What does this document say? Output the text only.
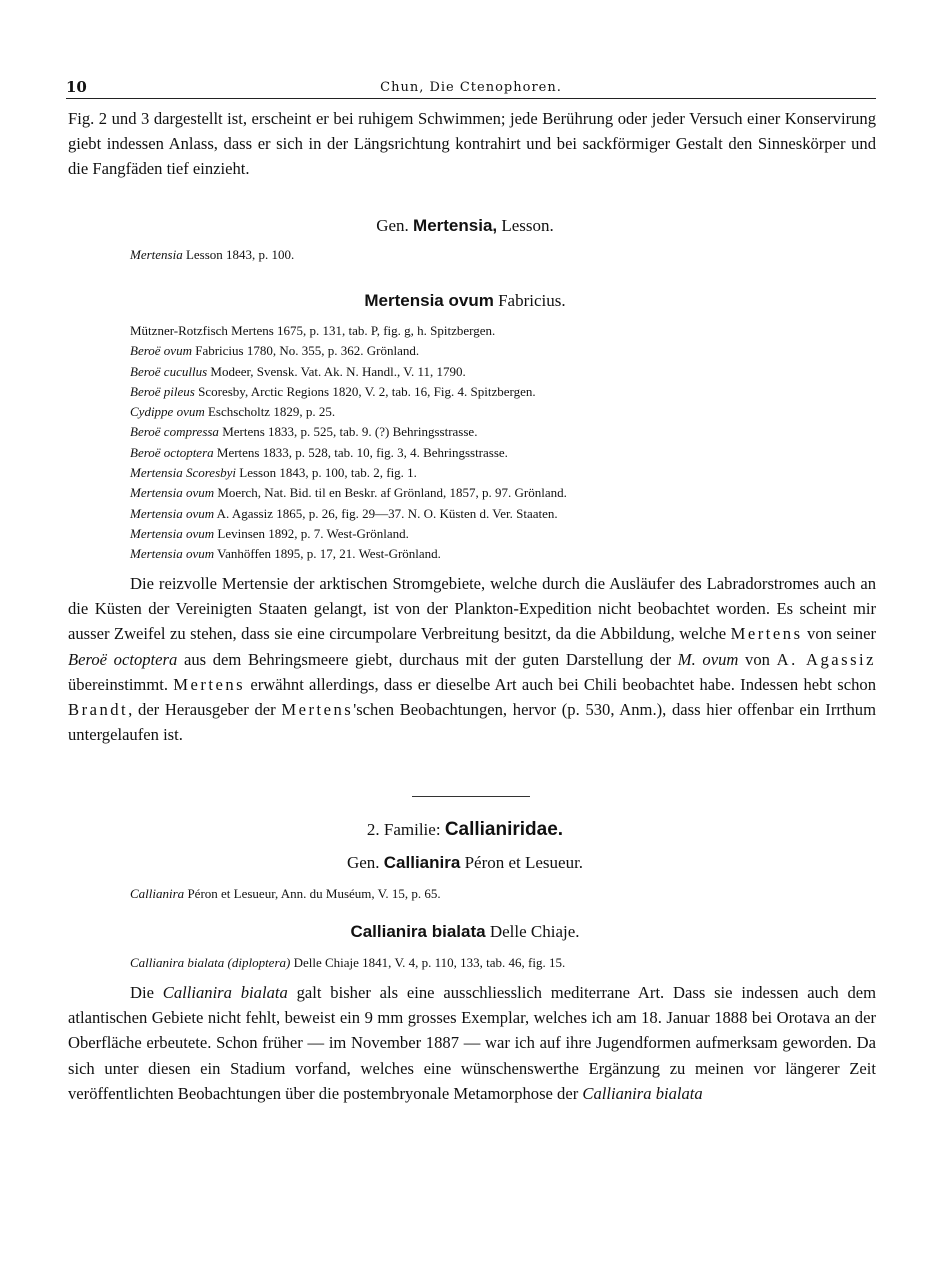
10	Chun, Die Ctenophoren.

Fig. 2 und 3 dargestellt ist, erscheint er bei ruhigem Schwimmen; jede Berührung oder jeder Versuch einer Konservirung giebt indessen Anlass, dass er sich in der Längsrichtung kontrahirt und bei sackförmiger Gestalt den Sinneskörper und die Fangfäden tief einzieht.

Gen. Mertensia, Lesson.
Mertensia Lesson 1843, p. 100.
Mertensia ovum Fabricius.
Mützner-Rotzfisch Mertens 1675, p. 131, tab. P, fig. g, h. Spitzbergen.
Beroë ovum Fabricius 1780, No. 355, p. 362. Grönland.
Beroë cucullus Modeer, Svensk. Vat. Ak. N. Handl., V. 11, 1790.
Beroë pileus Scoresby, Arctic Regions 1820, V. 2, tab. 16, Fig. 4. Spitzbergen.
Cydippe ovum Eschscholtz 1829, p. 25.
Beroë compressa Mertens 1833, p. 525, tab. 9. (?) Behringsstrasse.
Beroë octoptera Mertens 1833, p. 528, tab. 10, fig. 3, 4. Behringsstrasse.
Mertensia Scoresbyi Lesson 1843, p. 100, tab. 2, fig. 1.
Mertensia ovum Moerch, Nat. Bid. til en Beskr. af Grönland, 1857, p. 97. Grönland.
Mertensia ovum A. Agassiz 1865, p. 26, fig. 29—37. N. O. Küsten d. Ver. Staaten.
Mertensia ovum Levinsen 1892, p. 7. West-Grönland.
Mertensia ovum Vanhöffen 1895, p. 17, 21. West-Grönland.

Die reizvolle Mertensie der arktischen Stromgebiete, welche durch die Ausläufer des Labradorstromes auch an die Küsten der Vereinigten Staaten gelangt, ist von der Plankton-Expedition nicht beobachtet worden. Es scheint mir ausser Zweifel zu stehen, dass sie eine circumpolare Verbreitung besitzt, da die Abbildung, welche Mertens von seiner Beroë octoptera aus dem Behringsmeere giebt, durchaus mit der guten Darstellung der M. ovum von A. Agassiz übereinstimmt. Mertens erwähnt allerdings, dass er dieselbe Art auch bei Chili beobachtet habe. Indessen hebt schon Brandt, der Herausgeber der Mertens'schen Beobachtungen, hervor (p. 530, Anm.), dass hier offenbar ein Irrthum untergelaufen ist.

2. Familie: Callianiridae.
Gen. Callianira Péron et Lesueur.
Callianira Péron et Lesueur, Ann. du Muséum, V. 15, p. 65.
Callianira bialata Delle Chiaje.
Callianira bialata (diploptera) Delle Chiaje 1841, V. 4, p. 110, 133, tab. 46, fig. 15.

Die Callianira bialata galt bisher als eine ausschliesslich mediterrane Art. Dass sie indessen auch dem atlantischen Gebiete nicht fehlt, beweist ein 9 mm grosses Exemplar, welches ich am 18. Januar 1888 bei Orotava an der Oberfläche erbeutete. Schon früher — im November 1887 — war ich auf ihre Jugendformen aufmerksam geworden. Da sich unter diesen ein Stadium vorfand, welches eine wünschenswerthe Ergänzung zu meinen vor längerer Zeit veröffentlichten Beobachtungen über die postembryonale Metamorphose der Callianira bialata
